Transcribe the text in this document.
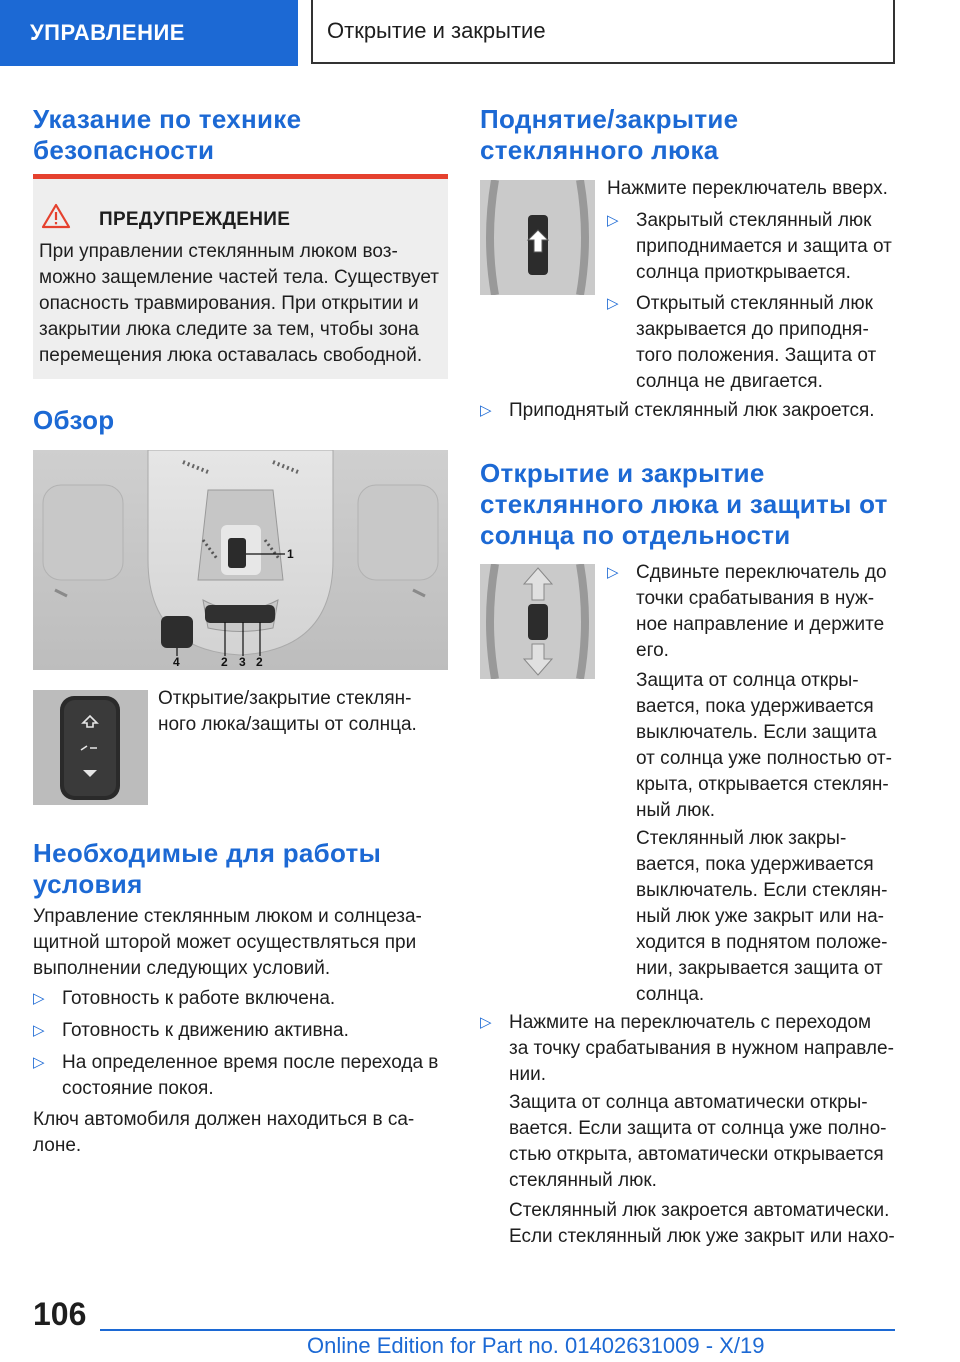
УПРАВЛЕНИЕ	Открытие и закрытие
Указание по технике безопасности
ПРЕДУПРЕЖДЕНИЕ
При управлении стеклянным люком воз-можно защемление частей тела. Существует опасность травмирования. При открытии и закрытии люка следите за тем, чтобы зона перемещения люка оставалась свободной.
Обзор
1
4	2 3 2
Открытие/закрытие стеклян-ного люка/защиты от солнца.
Необходимые для работы условия
Управление стеклянным люком и солнцеза-щитной шторой может осуществляться при выполнении следующих условий.
▷ Готовность к работе включена.
▷ Готовность к движению активна.
▷ На определенное время после перехода в состояние покоя.
Ключ автомобиля должен находиться в са-лоне.
Поднятие/закрытие стеклянного люка
Нажмите переключатель вверх.
▷ Закрытый стеклянный люк приподнимается и защита от солнца приоткрывается.
▷ Открытый стеклянный люк закрывается до приподня-того положения. Защита от солнца не двигается.
▷ Приподнятый стеклянный люк закроется.
Открытие и закрытие стеклянного люка и защиты от солнца по отдельности
▷ Сдвиньте переключатель до точки срабатывания в нуж-ное направление и держите его.
Защита от солнца откры-вается, пока удерживается выключатель. Если защита от солнца уже полностью от-крыта, открывается стеклян-ный люк.
Стеклянный люк закры-вается, пока удерживается выключатель. Если стеклян-ный люк уже закрыт или на-ходится в поднятом положе-нии, закрывается защита от солнца.
▷ Нажмите на переключатель с переходом за точку срабатывания в нужном направле-нии.
Защита от солнца автоматически откры-вается. Если защита от солнца уже полно-стью открыта, автоматически открывается стеклянный люк.
Стеклянный люк закроется автоматически. Если стеклянный люк уже закрыт или нахо-
106
Online Edition for Part no. 01402631009 - X/19
